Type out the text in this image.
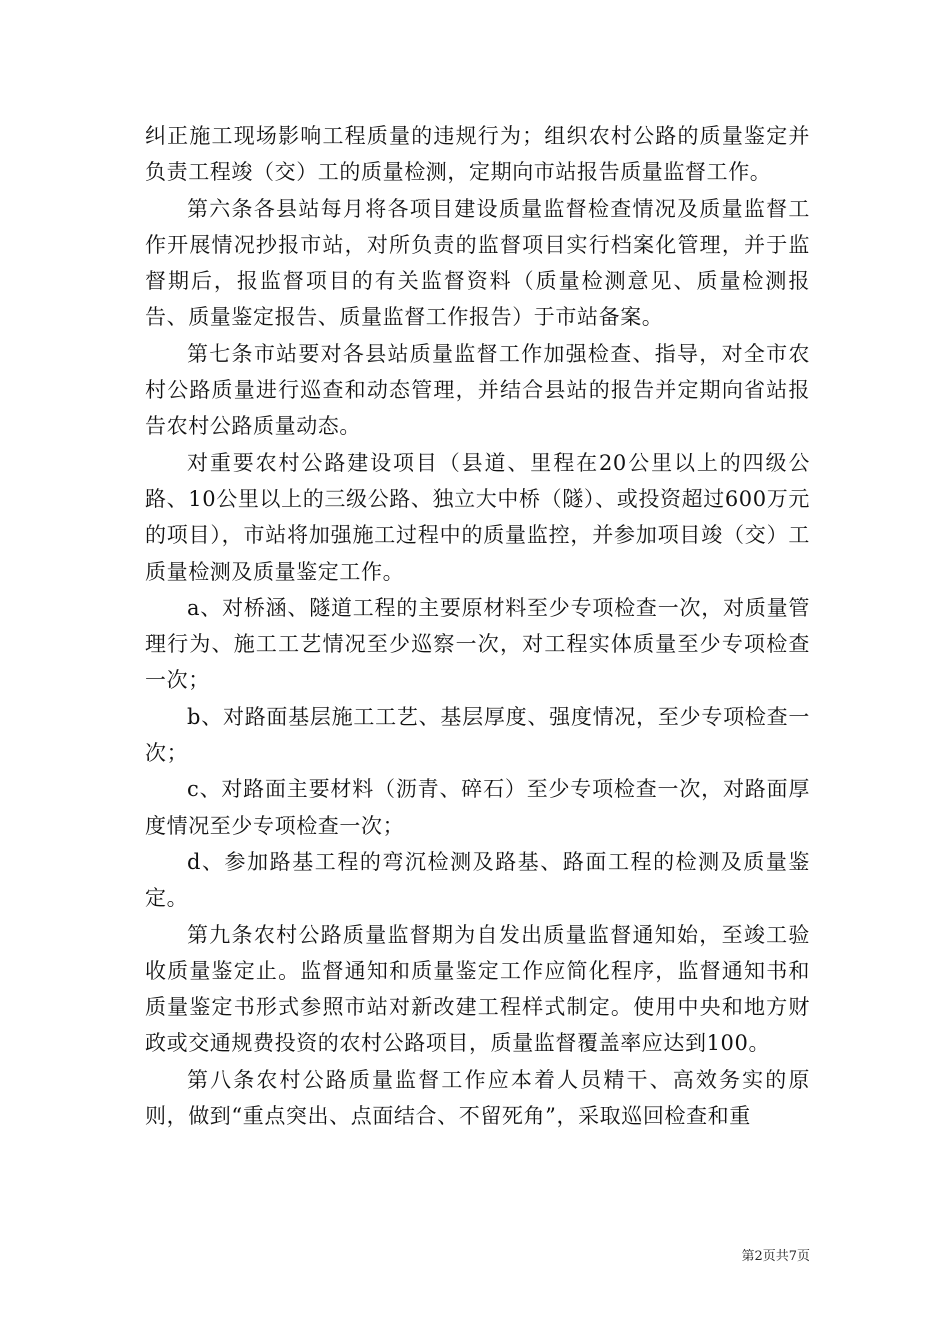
纠正施工现场影响工程质量的违规行为；组织农村公路的质量鉴定并负责工程竣（交）工的质量检测，定期向市站报告质量监督工作。

第六条各县站每月将各项目建设质量监督检查情况及质量监督工作开展情况抄报市站，对所负责的监督项目实行档案化管理，并于监督期后，报监督项目的有关监督资料（质量检测意见、质量检测报告、质量鉴定报告、质量监督工作报告）于市站备案。

第七条市站要对各县站质量监督工作加强检查、指导，对全市农村公路质量进行巡查和动态管理，并结合县站的报告并定期向省站报告农村公路质量动态。

对重要农村公路建设项目（县道、里程在20公里以上的四级公路、10公里以上的三级公路、独立大中桥（隧）、或投资超过600万元的项目），市站将加强施工过程中的质量监控，并参加项目竣（交）工质量检测及质量鉴定工作。

a、对桥涵、隧道工程的主要原材料至少专项检查一次，对质量管理行为、施工工艺情况至少巡察一次，对工程实体质量至少专项检查一次；

b、对路面基层施工工艺、基层厚度、强度情况，至少专项检查一次；

c、对路面主要材料（沥青、碎石）至少专项检查一次，对路面厚度情况至少专项检查一次；

d、参加路基工程的弯沉检测及路基、路面工程的检测及质量鉴定。

第九条农村公路质量监督期为自发出质量监督通知始，至竣工验收质量鉴定止。监督通知和质量鉴定工作应简化程序，监督通知书和质量鉴定书形式参照市站对新改建工程样式制定。使用中央和地方财政或交通规费投资的农村公路项目，质量监督覆盖率应达到100。

第八条农村公路质量监督工作应本着人员精干、高效务实的原则，做到“重点突出、点面结合、不留死角”，采取巡回检查和重

第2页共7页
